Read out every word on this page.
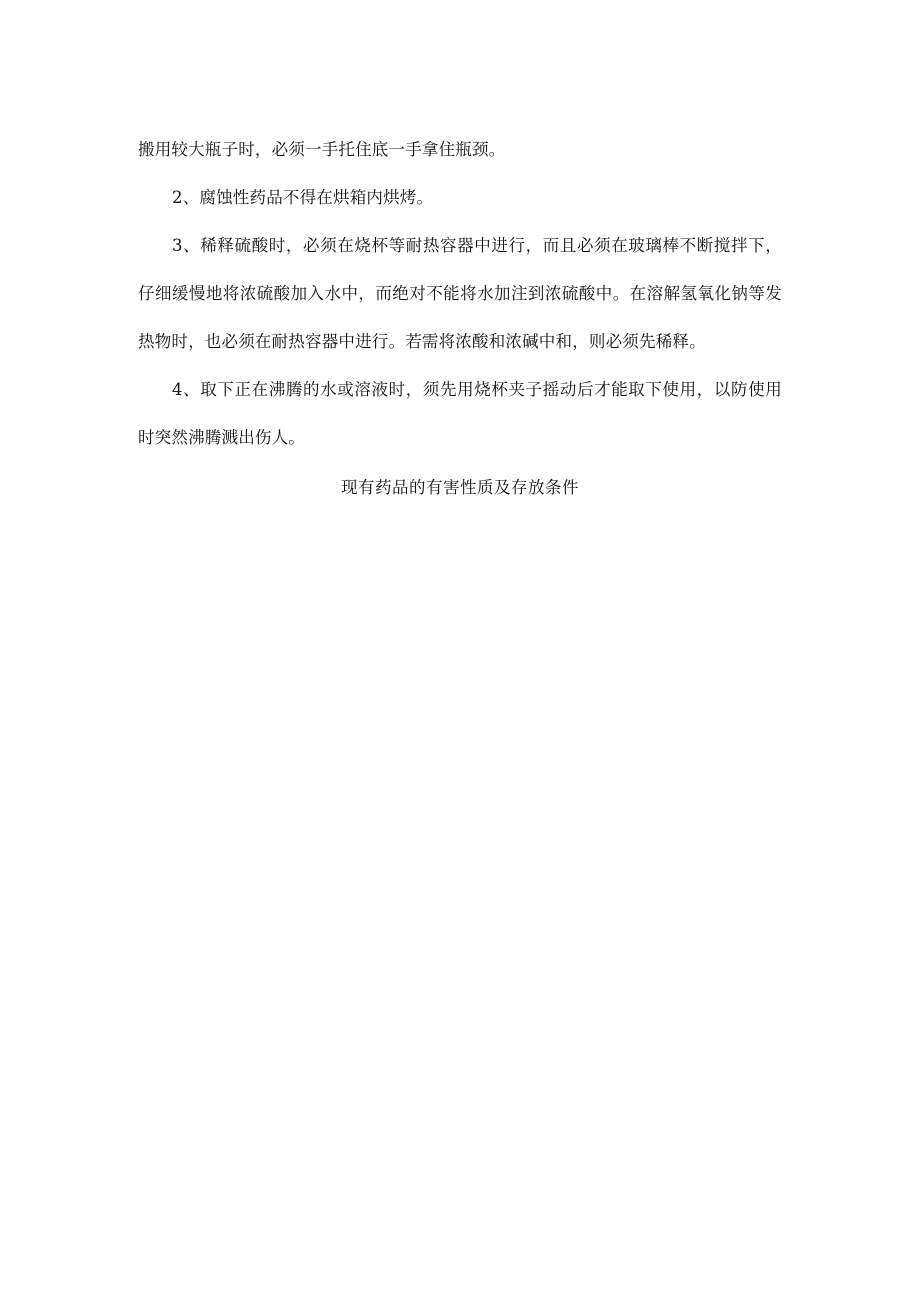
搬用较大瓶子时，必须一手托住底一手拿住瓶颈。

2、腐蚀性药品不得在烘箱内烘烤。

3、稀释硫酸时，必须在烧杯等耐热容器中进行，而且必须在玻璃棒不断搅拌下，仔细缓慢地将浓硫酸加入水中，而绝对不能将水加注到浓硫酸中。在溶解氢氧化钠等发热物时，也必须在耐热容器中进行。若需将浓酸和浓碱中和，则必须先稀释。

4、取下正在沸腾的水或溶液时，须先用烧杯夹子摇动后才能取下使用，以防使用时突然沸腾溅出伤人。

现有药品的有害性质及存放条件
